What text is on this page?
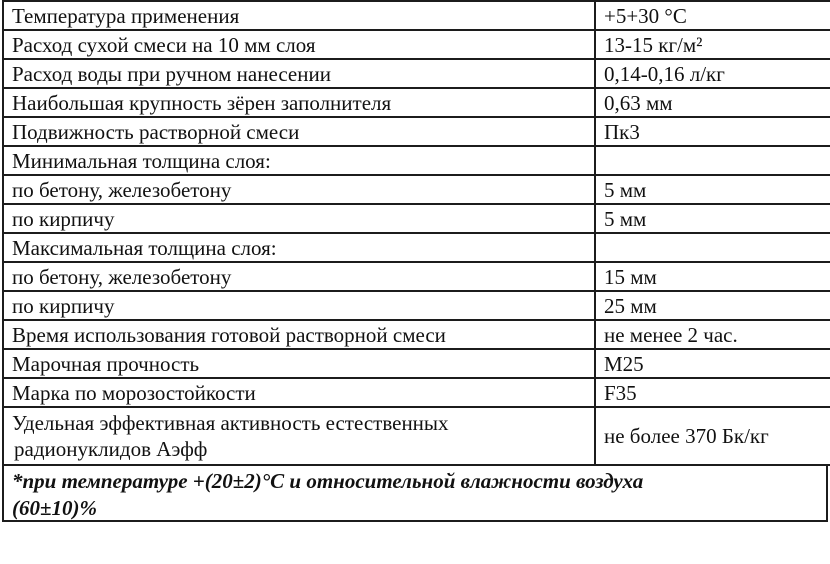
Температура применения	+5+30 °С
Расход сухой смеси на 10 мм слоя	13-15 кг/м²
Расход воды при ручном нанесении	0,14-0,16 л/кг
Наибольшая крупность зёрен заполнителя	0,63 мм
Подвижность растворной смеси	Пк3
Минимальная толщина слоя:	
по бетону, железобетону	5 мм
по кирпичу	5 мм
Максимальная толщина слоя:	
по бетону, железобетону	15 мм
по кирпичу	25 мм
Время использования готовой растворной смеси	не менее 2 час.
Марочная прочность	М25
Марка по морозостойкости	F35
Удельная эффективная активность естественных
радионуклидов Аэфф	не более 370 Бк/кг
*при температуре +(20±2)°С и относительной влажности воздуха
(60±10)%
